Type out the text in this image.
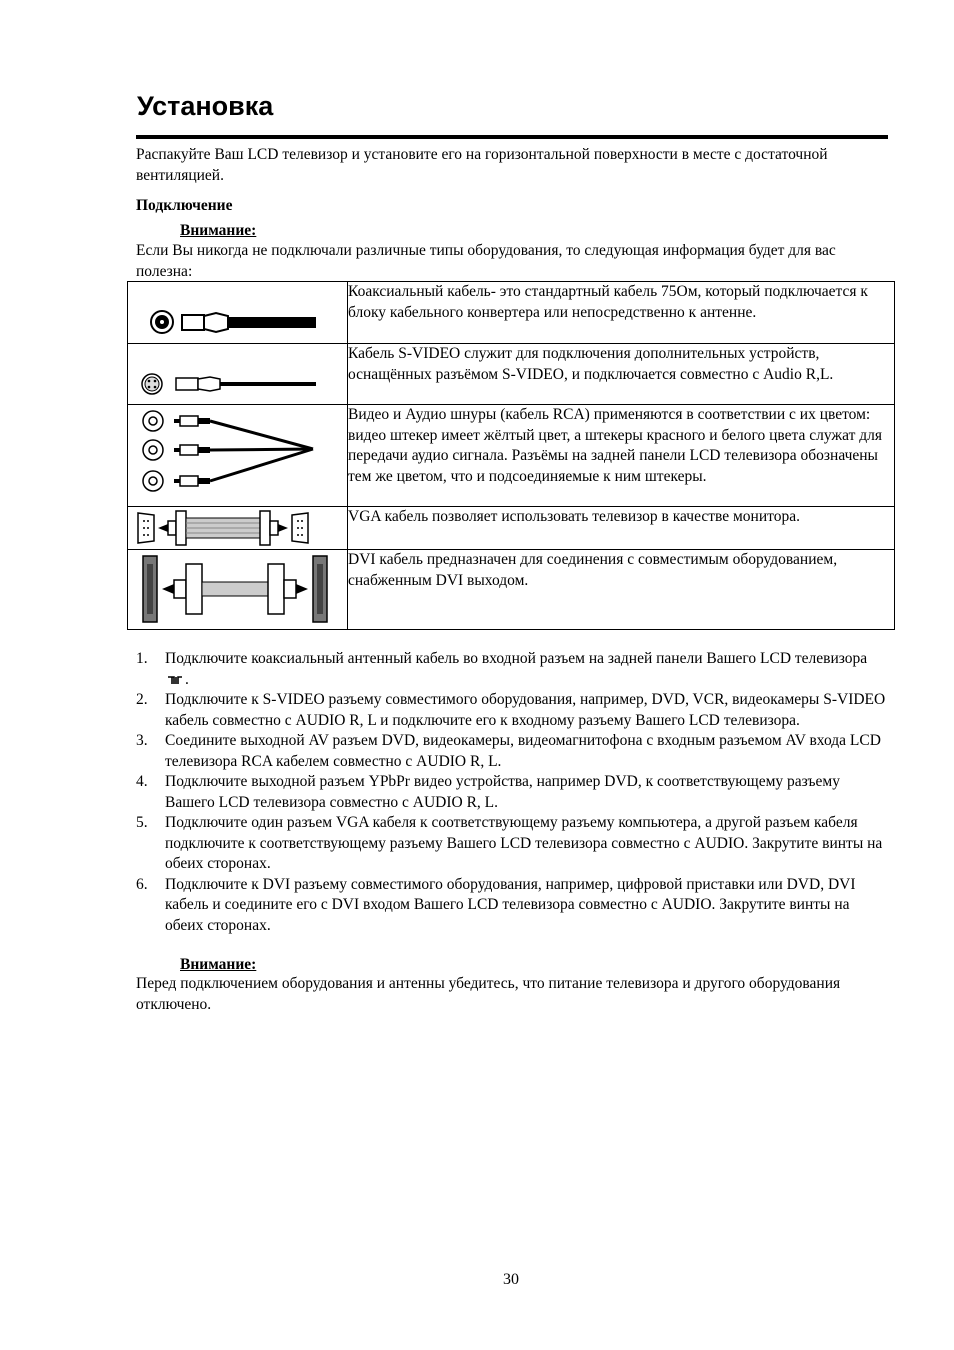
Установка

Распакуйте Ваш LCD телевизор и установите его на горизонтальной поверхности в месте с достаточной вентиляцией.

Подключение
Внимание:

Если Вы никогда не подключали различные типы оборудования, то следующая информация будет для вас полезна:

	Коаксиальный кабель- это стандартный кабель 75Ом, который подключается к блоку кабельного конвертера или непосредственно к антенне.

	Кабель S-VIDEO служит для подключения дополнительных устройств, оснащённых разъёмом S-VIDEO, и подключается совместно с Audio R,L.

	Видео и Аудио шнуры (кабель RCA) применяются в соответствии с их цветом: видео штекер имеет жёлтый цвет, а штекеры красного и белого цвета служат для передачи аудио сигнала. Разъёмы на задней панели LCD телевизора обозначены тем же цветом, что и подсоединяемые к ним штекеры.

	VGA кабель позволяет использовать телевизор в качестве монитора.

	DVI кабель предназначен для соединения с совместимым оборудованием, снабженным DVI выходом.
1. Подключите коаксиальный антенный кабель во входной разъем на задней панели Вашего LCD телевизора .
2. Подключите к S-VIDEO разъему совместимого оборудования, например, DVD, VCR, видеокамеры S-VIDEO кабель совместно с AUDIO R, L и подключите его к входному разъему Вашего LCD телевизора.
3. Соедините выходной AV разъем DVD, видеокамеры, видеомагнитофона с входным разъемом AV входа LCD телевизора RCA кабелем совместно с AUDIO R, L.
4. Подключите выходной разъем YPbPr видео устройства, например DVD, к соответствующему разъему Вашего LCD телевизора совместно с AUDIO R, L.
5. Подключите один разъем VGA кабеля к соответствующему разъему компьютера, а другой разъем кабеля подключите к соответствующему разъему Вашего LCD телевизора совместно с AUDIO. Закрутите винты на обеих сторонах.
6. Подключите к DVI разъему совместимого оборудования, например, цифровой приставки или DVD, DVI кабель и соедините его с DVI входом Вашего LCD телевизора совместно с AUDIO. Закрутите винты на обеих сторонах.
Внимание:

Перед подключением оборудования и антенны убедитесь, что питание телевизора и другого оборудования отключено.

30
